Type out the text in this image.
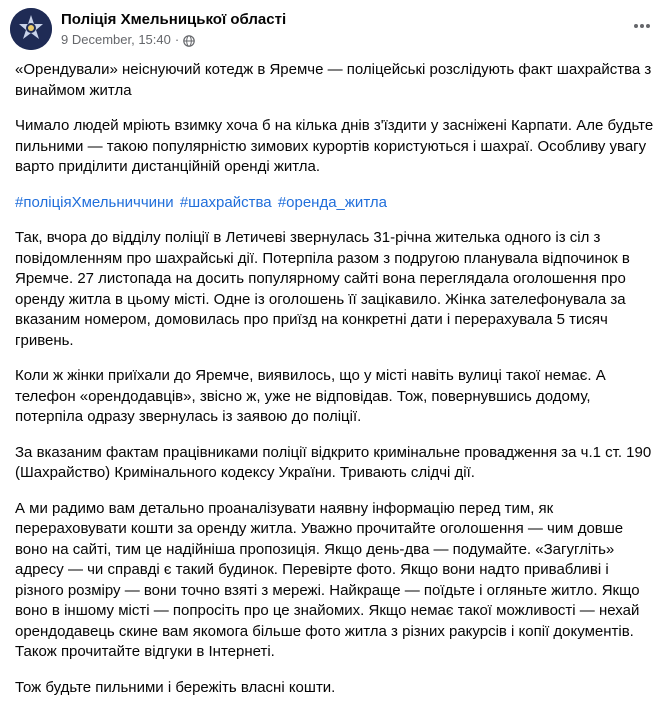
Поліція Хмельницької області
9 December, 15:40 ·

«Орендували» неіснуючий котедж в Яремче — поліцейські розслідують факт шахрайства з винаймом житла

Чимало людей мріють взимку хоча б на кілька днів з'їздити у засніжені Карпати. Але будьте пильними — такою популярністю зимових курортів користуються і шахраї. Особливу увагу варто приділити дистанційній оренді житла.

#поліціяХмельниччини #шахрайства #оренда_житла

Так, вчора до відділу поліції в Летичеві звернулась 31-річна жителька одного із сіл з повідомленням про шахрайські дії. Потерпіла разом з подругою планувала відпочинок в Яремче. 27 листопада на досить популярному сайті вона переглядала оголошення про оренду житла в цьому місті. Одне із оголошень її зацікавило. Жінка зателефонувала за вказаним номером, домовилась про приїзд на конкретні дати і перерахувала 5 тисяч гривень.

Коли ж жінки приїхали до Яремче, виявилось, що у місті навіть вулиці такої немає. А телефон «орендодавців», звісно ж, уже не відповідав. Тож, повернувшись додому, потерпіла одразу звернулась із заявою до поліції.

За вказаним фактам працівниками поліції відкрито кримінальне провадження за ч.1 ст. 190 (Шахрайство) Кримінального кодексу України. Тривають слідчі дії.

А ми радимо вам детально проаналізувати наявну інформацію перед тим, як перераховувати кошти за оренду житла. Уважно прочитайте оголошення — чим довше воно на сайті, тим це надійніша пропозиція. Якщо день-два — подумайте. «Загугліть» адресу — чи справді є такий будинок. Перевірте фото. Якщо вони надто привабливі і різного розміру — вони точно взяті з мережі. Найкраще — поїдьте і огляньте житло. Якщо воно в іншому місті — попросіть про це знайомих. Якщо немає такої можливості — нехай орендодавець скине вам якомога більше фото житла з різних ракурсів і копії документів. Також прочитайте відгуки в Інтернеті.

Тож будьте пильними і бережіть власні кошти.
